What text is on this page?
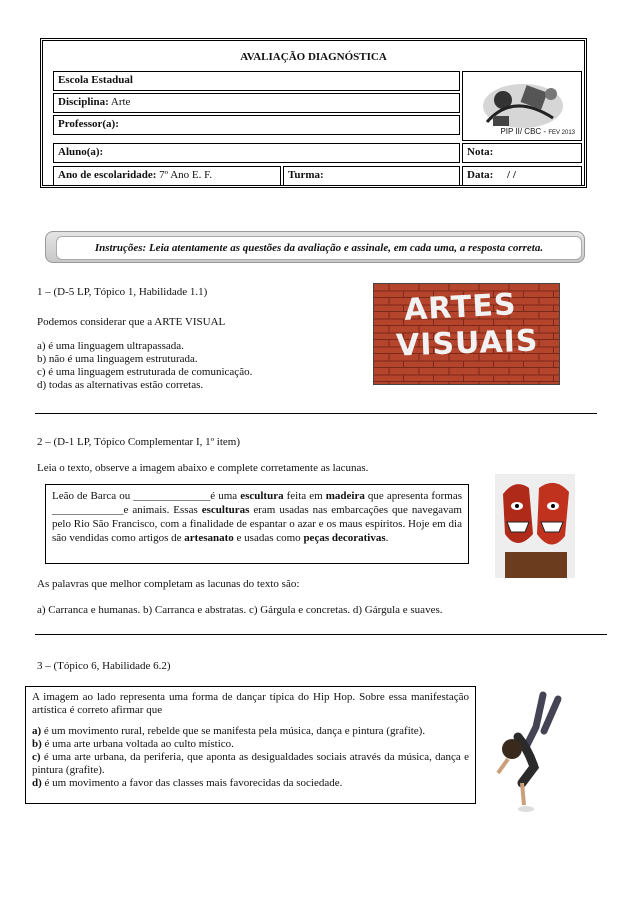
AVALIAÇÃO DIAGNÓSTICA
Escola Estadual
Disciplina: Arte
Professor(a):
PIP II/ CBC - FEV 2013
Aluno(a):	Nota:
Ano de escolaridade: 7º Ano E. F.	Turma:	Data: / /
Instruções: Leia atentamente as questões da avaliação e assinale, em cada uma, a resposta correta.
1 – (D-5 LP, Tópico 1, Habilidade 1.1)
Podemos considerar que a ARTE VISUAL
a) é uma linguagem ultrapassada.
b) não é uma linguagem estruturada.
c) é uma linguagem estruturada de comunicação.
d) todas as alternativas estão corretas.
ARTES
VISUAIS
2 – (D-1 LP, Tópico Complementar I, 1º item)
Leia o texto, observe a imagem abaixo e complete corretamente as lacunas.
Leão de Barca ou ______________é uma escultura feita em madeira que apresenta formas _____________e animais. Essas esculturas eram usadas nas embarcações que navegavam pelo Rio São Francisco, com a finalidade de espantar o azar e os maus espíritos. Hoje em dia são vendidas como artigos de artesanato e usadas como peças decorativas.
As palavras que melhor completam as lacunas do texto são:
a) Carranca e humanas. b) Carranca e abstratas. c) Gárgula e concretas. d) Gárgula e suaves.
3 – (Tópico 6, Habilidade 6.2)
A imagem ao lado representa uma forma de dançar típica do Hip Hop. Sobre essa manifestação artística é correto afirmar que
a) é um movimento rural, rebelde que se manifesta pela música, dança e pintura (grafite).
b) é uma arte urbana voltada ao culto místico.
c) é uma arte urbana, da periferia, que aponta as desigualdades sociais através da música, dança e pintura (grafite).
d) é um movimento a favor das classes mais favorecidas da sociedade.
